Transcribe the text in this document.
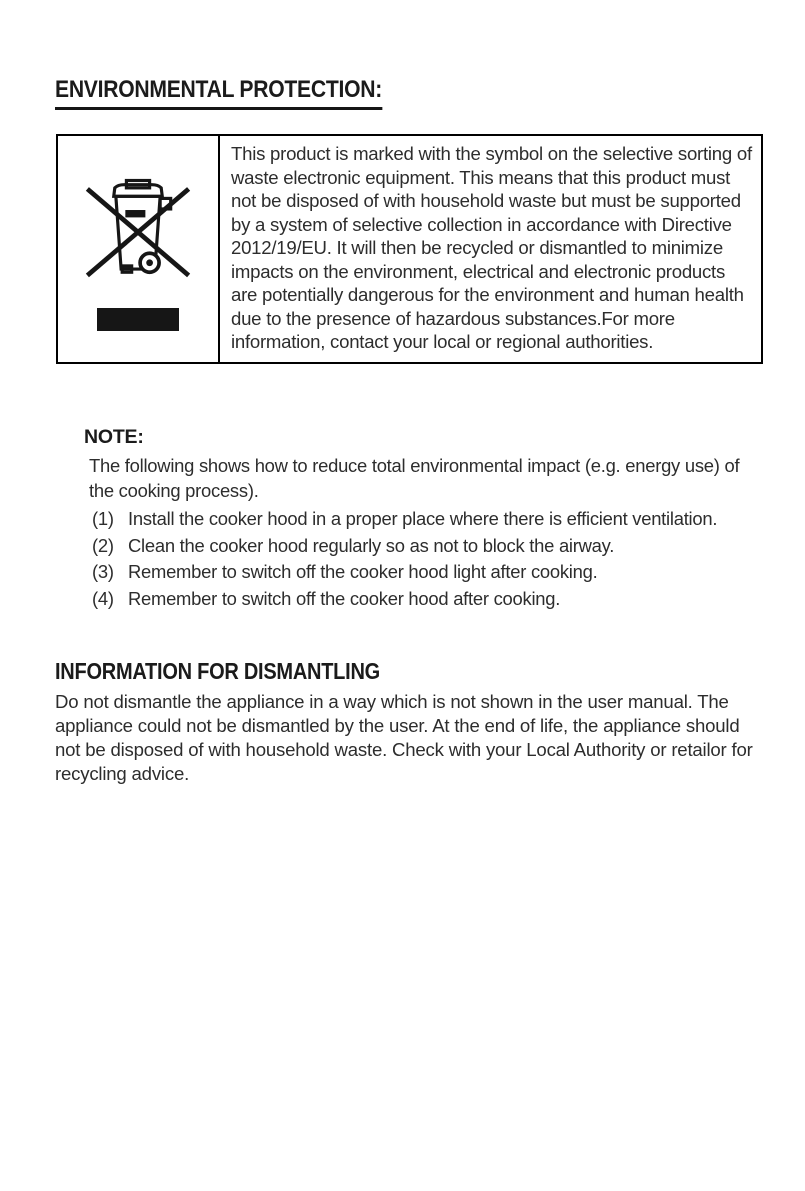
ENVIRONMENTAL PROTECTION:

This product is marked with the symbol on the selective sorting of waste electronic equipment. This means that this product must not be disposed of with household waste but must be supported by a system of selective collection in accordance with Directive 2012/19/EU. It will then be recycled or dismantled to minimize impacts on the environment, electrical and electronic products are potentially dangerous for the environment and human health due to the presence of hazardous substances.For more information, contact your local or regional authorities.

NOTE:

The following shows how to reduce total environmental impact (e.g. energy use) of the cooking process).

(1) Install the cooker hood in a proper place where there is efficient ventilation.
(2) Clean the cooker hood regularly so as not to block the airway.
(3) Remember to switch off the cooker hood light after cooking.
(4) Remember to switch off the cooker hood after cooking.
INFORMATION FOR DISMANTLING

Do not dismantle the appliance in a way which is not shown in the user manual. The appliance could not be dismantled by the user. At the end of life, the appliance should not be disposed of with household waste. Check with your Local Authority or retailor for recycling advice.
